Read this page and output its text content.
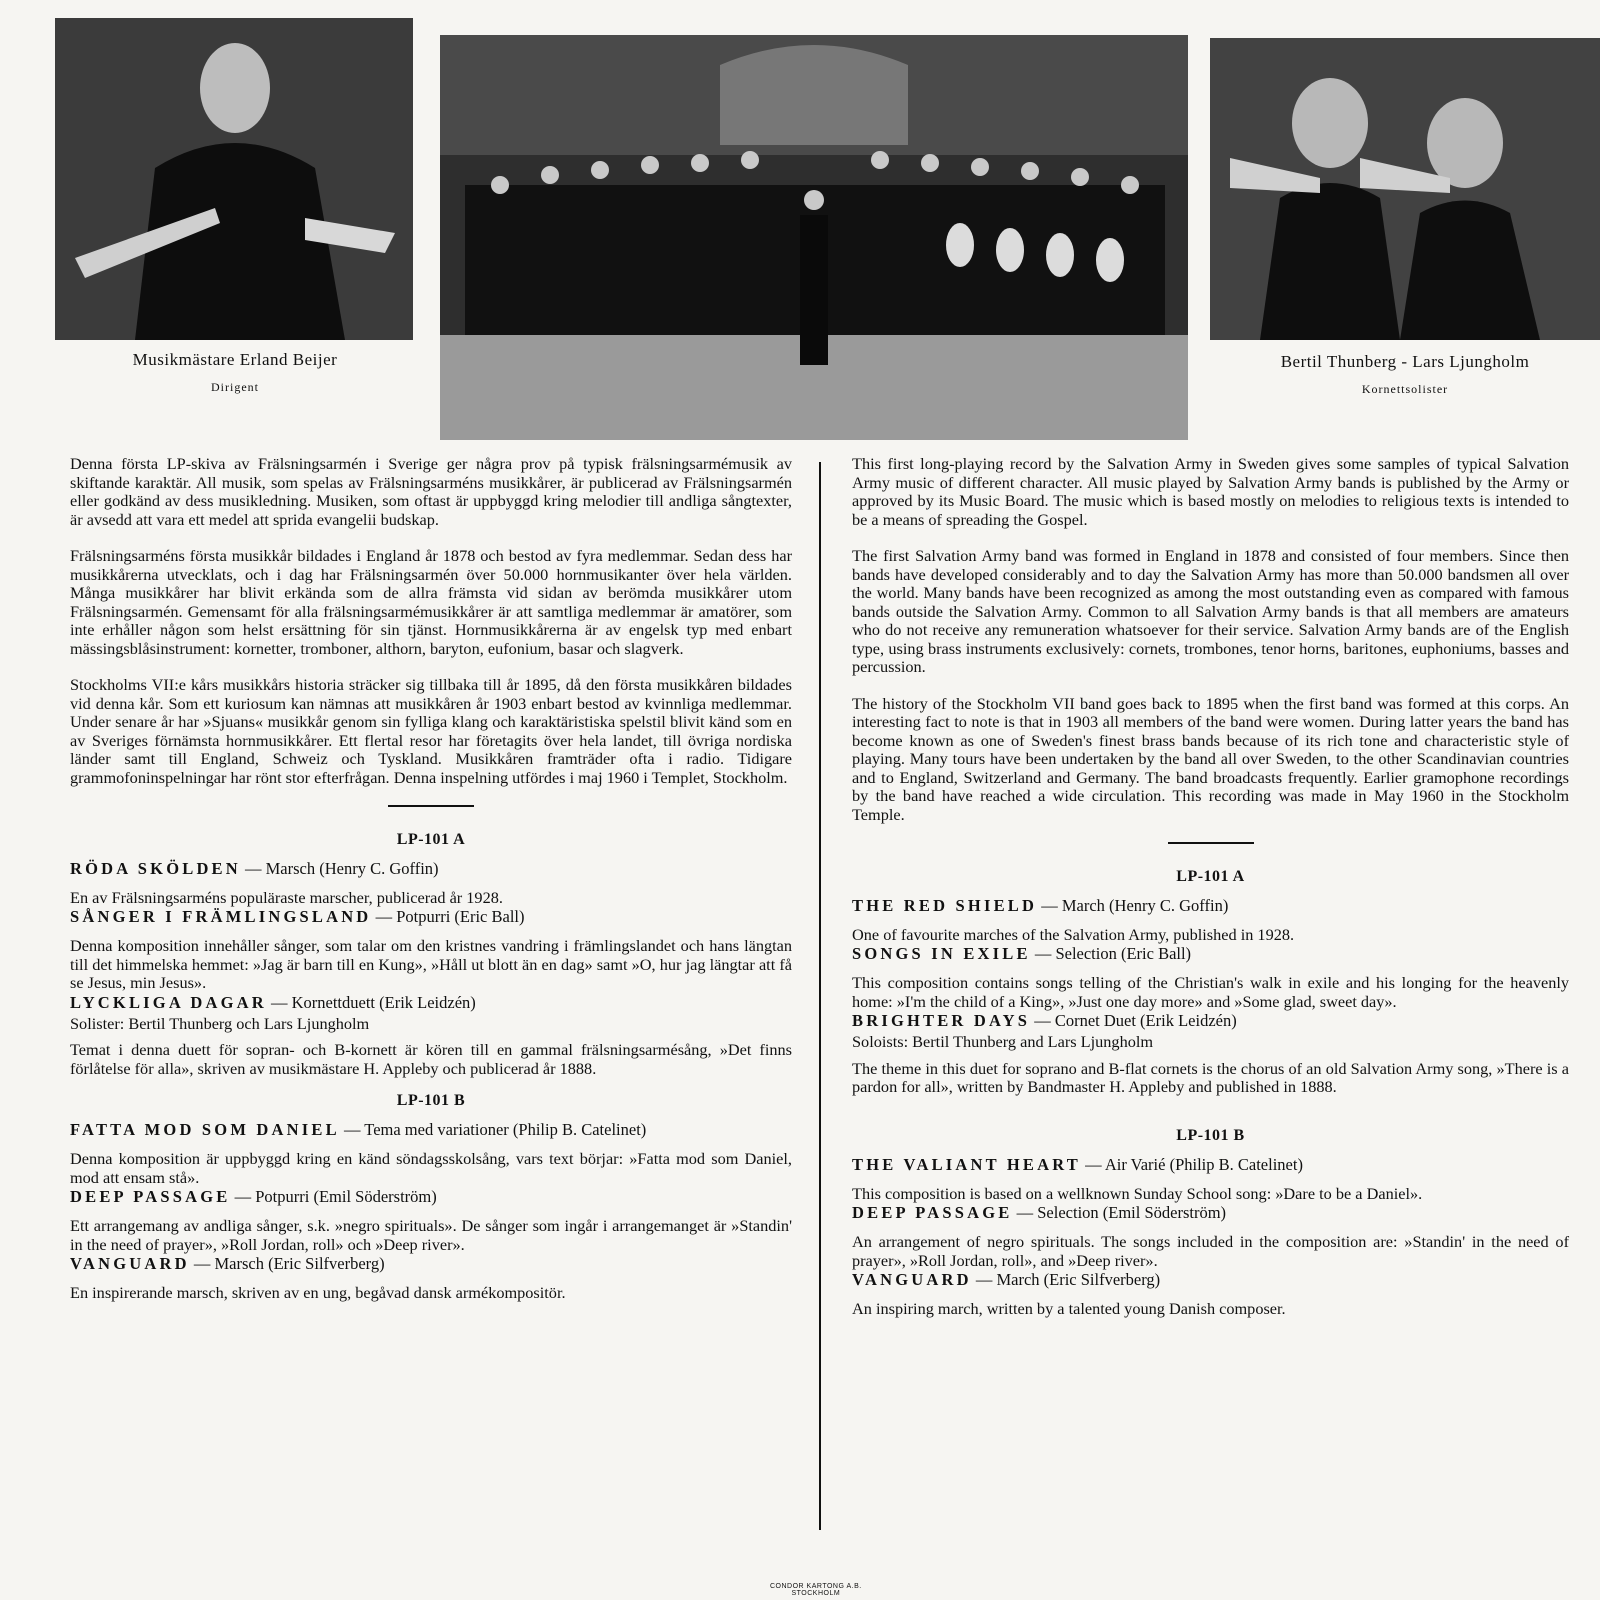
Musikmästare Erland Beijer
Dirigent
Bertil Thunberg - Lars Ljungholm
Kornettsolister

Denna första LP-skiva av Frälsningsarmén i Sverige ger några prov på typisk frälsningsarmémusik av skiftande karaktär. All musik, som spelas av Frälsningsarméns musikkårer, är publicerad av Frälsningsarmén eller godkänd av dess musikledning. Musiken, som oftast är uppbyggd kring melodier till andliga sångtexter, är avsedd att vara ett medel att sprida evangelii budskap.

Frälsningsarméns första musikkår bildades i England år 1878 och bestod av fyra medlemmar. Sedan dess har musikkårerna utvecklats, och i dag har Frälsningsarmén över 50.000 hornmusikanter över hela världen. Många musikkårer har blivit erkända som de allra främsta vid sidan av berömda musikkårer utom Frälsningsarmén. Gemensamt för alla frälsningsarmémusikkårer är att samtliga medlemmar är amatörer, som inte erhåller någon som helst ersättning för sin tjänst. Hornmusikkårerna är av engelsk typ med enbart mässingsblåsinstrument: kornetter, tromboner, althorn, baryton, eufonium, basar och slagverk.

Stockholms VII:e kårs musikkårs historia sträcker sig tillbaka till år 1895, då den första musikkåren bildades vid denna kår. Som ett kuriosum kan nämnas att musikkåren år 1903 enbart bestod av kvinnliga medlemmar. Under senare år har »Sjuans« musikkår genom sin fylliga klang och karaktäristiska spelstil blivit känd som en av Sveriges förnämsta hornmusikkårer. Ett flertal resor har företagits över hela landet, till övriga nordiska länder samt till England, Schweiz och Tyskland. Musikkåren framträder ofta i radio. Tidigare grammofoninspelningar har rönt stor efterfrågan. Denna inspelning utfördes i maj 1960 i Templet, Stockholm.

LP-101 A
RÖDA SKÖLDEN — Marsch (Henry C. Goffin)

En av Frälsningsarméns populäraste marscher, publicerad år 1928.

SÅNGER I FRÄMLINGSLAND — Potpurri (Eric Ball)

Denna komposition innehåller sånger, som talar om den kristnes vandring i främlingslandet och hans längtan till det himmelska hemmet: »Jag är barn till en Kung», »Håll ut blott än en dag» samt »O, hur jag längtar att få se Jesus, min Jesus».

LYCKLIGA DAGAR — Kornettduett (Erik Leidzén)

Solister: Bertil Thunberg och Lars Ljungholm

Temat i denna duett för sopran- och B-kornett är kören till en gammal frälsningsarmésång, »Det finns förlåtelse för alla», skriven av musikmästare H. Appleby och publicerad år 1888.

LP-101 B
FATTA MOD SOM DANIEL — Tema med variationer (Philip B. Catelinet)

Denna komposition är uppbyggd kring en känd söndagsskolsång, vars text börjar: »Fatta mod som Daniel, mod att ensam stå».

DEEP PASSAGE — Potpurri (Emil Söderström)

Ett arrangemang av andliga sånger, s.k. »negro spirituals». De sånger som ingår i arrangemanget är »Standin' in the need of prayer», »Roll Jordan, roll» och »Deep river».

VANGUARD — Marsch (Eric Silfverberg)

En inspirerande marsch, skriven av en ung, begåvad dansk armékompositör.

This first long-playing record by the Salvation Army in Sweden gives some samples of typical Salvation Army music of different character. All music played by Salvation Army bands is published by the Army or approved by its Music Board. The music which is based mostly on melodies to religious texts is intended to be a means of spreading the Gospel.

The first Salvation Army band was formed in England in 1878 and consisted of four members. Since then bands have developed considerably and to day the Salvation Army has more than 50.000 bandsmen all over the world. Many bands have been recognized as among the most outstanding even as compared with famous bands outside the Salvation Army. Common to all Salvation Army bands is that all members are amateurs who do not receive any remuneration whatsoever for their service. Salvation Army bands are of the English type, using brass instruments exclusively: cornets, trombones, tenor horns, baritones, euphoniums, basses and percussion.

The history of the Stockholm VII band goes back to 1895 when the first band was formed at this corps. An interesting fact to note is that in 1903 all members of the band were women. During latter years the band has become known as one of Sweden's finest brass bands because of its rich tone and characteristic style of playing. Many tours have been undertaken by the band all over Sweden, to the other Scandinavian countries and to England, Switzerland and Germany. The band broadcasts frequently. Earlier gramophone recordings by the band have reached a wide circulation. This recording was made in May 1960 in the Stockholm Temple.

LP-101 A
THE RED SHIELD — March (Henry C. Goffin)

One of favourite marches of the Salvation Army, published in 1928.

SONGS IN EXILE — Selection (Eric Ball)

This composition contains songs telling of the Christian's walk in exile and his longing for the heavenly home: »I'm the child of a King», »Just one day more» and »Some glad, sweet day».

BRIGHTER DAYS — Cornet Duet (Erik Leidzén)

Soloists: Bertil Thunberg and Lars Ljungholm

The theme in this duet for soprano and B-flat cornets is the chorus of an old Salvation Army song, »There is a pardon for all», written by Bandmaster H. Appleby and published in 1888.

LP-101 B
THE VALIANT HEART — Air Varié (Philip B. Catelinet)

This composition is based on a wellknown Sunday School song: »Dare to be a Daniel».

DEEP PASSAGE — Selection (Emil Söderström)

An arrangement of negro spirituals. The songs included in the composition are: »Standin' in the need of prayer», »Roll Jordan, roll», and »Deep river».

VANGUARD — March (Eric Silfverberg)

An inspiring march, written by a talented young Danish composer.

CONDOR KARTONG A.B.
STOCKHOLM
